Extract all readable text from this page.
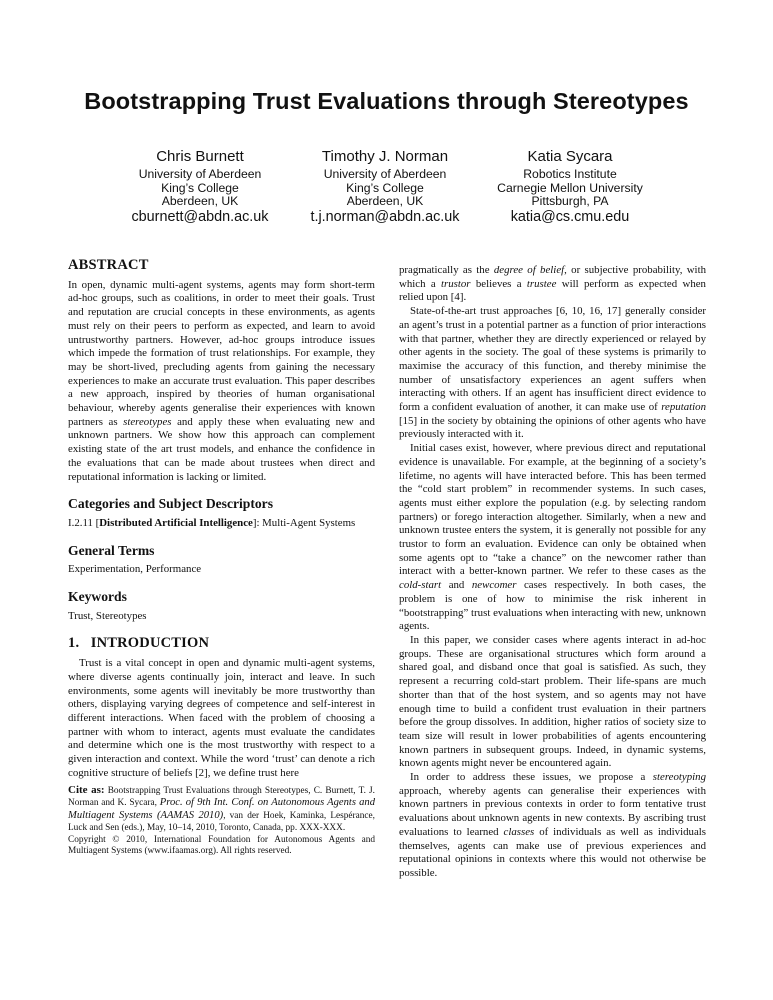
Bootstrapping Trust Evaluations through Stereotypes
Chris Burnett
University of Aberdeen
King’s College
Aberdeen, UK
cburnett@abdn.ac.uk
Timothy J. Norman
University of Aberdeen
King’s College
Aberdeen, UK
t.j.norman@abdn.ac.uk
Katia Sycara
Robotics Institute
Carnegie Mellon University
Pittsburgh, PA
katia@cs.cmu.edu
ABSTRACT

In open, dynamic multi-agent systems, agents may form short-term ad-hoc groups, such as coalitions, in order to meet their goals. Trust and reputation are crucial concepts in these environments, as agents must rely on their peers to perform as expected, and learn to avoid untrustworthy partners. However, ad-hoc groups introduce issues which impede the formation of trust relationships. For example, they may be short-lived, precluding agents from gaining the necessary experiences to make an accurate trust evaluation. This paper describes a new approach, inspired by theories of human organisational behaviour, whereby agents generalise their experiences with known partners as stereotypes and apply these when evaluating new and unknown partners. We show how this approach can complement existing state of the art trust models, and enhance the confidence in the evaluations that can be made about trustees when direct and reputational information is lacking or limited.

Categories and Subject Descriptors

I.2.11 [Distributed Artificial Intelligence]: Multi-Agent Systems

General Terms

Experimentation, Performance

Keywords

Trust, Stereotypes

1.   INTRODUCTION

Trust is a vital concept in open and dynamic multi-agent systems, where diverse agents continually join, interact and leave. In such environments, some agents will inevitably be more trustworthy than others, displaying varying degrees of competence and self-interest in different interactions. When faced with the problem of choosing a partner with whom to interact, agents must evaluate the candidates and determine which one is the most trustworthy with respect to a given interaction and context. While the word ‘trust’ can denote a rich cognitive structure of beliefs [2], we define trust here

Cite as: Bootstrapping Trust Evaluations through Stereotypes, C. Burnett, T. J. Norman and K. Sycara, Proc. of 9th Int. Conf. on Autonomous Agents and Multiagent Systems (AAMAS 2010), van der Hoek, Kaminka, Lespérance, Luck and Sen (eds.), May, 10–14, 2010, Toronto, Canada, pp. XXX-XXX.
Copyright © 2010, International Foundation for Autonomous Agents and Multiagent Systems (www.ifaamas.org). All rights reserved.

pragmatically as the degree of belief, or subjective probability, with which a trustor believes a trustee will perform as expected when relied upon [4].

State-of-the-art trust approaches [6, 10, 16, 17] generally consider an agent’s trust in a potential partner as a function of prior interactions with that partner, whether they are directly experienced or relayed by other agents in the society. The goal of these systems is primarily to maximise the accuracy of this function, and thereby minimise the number of unsatisfactory experiences an agent suffers when interacting with others. If an agent has insufficient direct evidence to form a confident evaluation of another, it can make use of reputation [15] in the society by obtaining the opinions of other agents who have previously interacted with it.

Initial cases exist, however, where previous direct and reputational evidence is unavailable. For example, at the beginning of a society’s lifetime, no agents will have interacted before. This has been termed the “cold start problem” in recommender systems. In such cases, agents must either explore the population (e.g. by selecting random partners) or forego interaction altogether. Similarly, when a new and unknown trustee enters the system, it is generally not possible for any trustor to form an evaluation. Evidence can only be obtained when some agents opt to “take a chance” on the newcomer rather than interact with a better-known partner. We refer to these cases as the cold-start and newcomer cases respectively. In both cases, the problem is one of how to minimise the risk inherent in “bootstrapping” trust evaluations when interacting with new, unknown agents.

In this paper, we consider cases where agents interact in ad-hoc groups. These are organisational structures which form around a shared goal, and disband once that goal is satisfied. As such, they represent a recurring cold-start problem. Their life-spans are much shorter than that of the host system, and so agents may not have enough time to build a confident trust evaluation in their partners before the group dissolves. In addition, higher ratios of society size to team size will result in lower probabilities of agents encountering known partners in subsequent groups. Indeed, in dynamic systems, known agents might never be encountered again.

In order to address these issues, we propose a stereotyping approach, whereby agents can generalise their experiences with known partners in previous contexts in order to form tentative trust evaluations about unknown agents in new contexts. By ascribing trust evaluations to learned classes of individuals as well as individuals themselves, agents can make use of previous experiences and reputational opinions in contexts where this would not otherwise be possible.
